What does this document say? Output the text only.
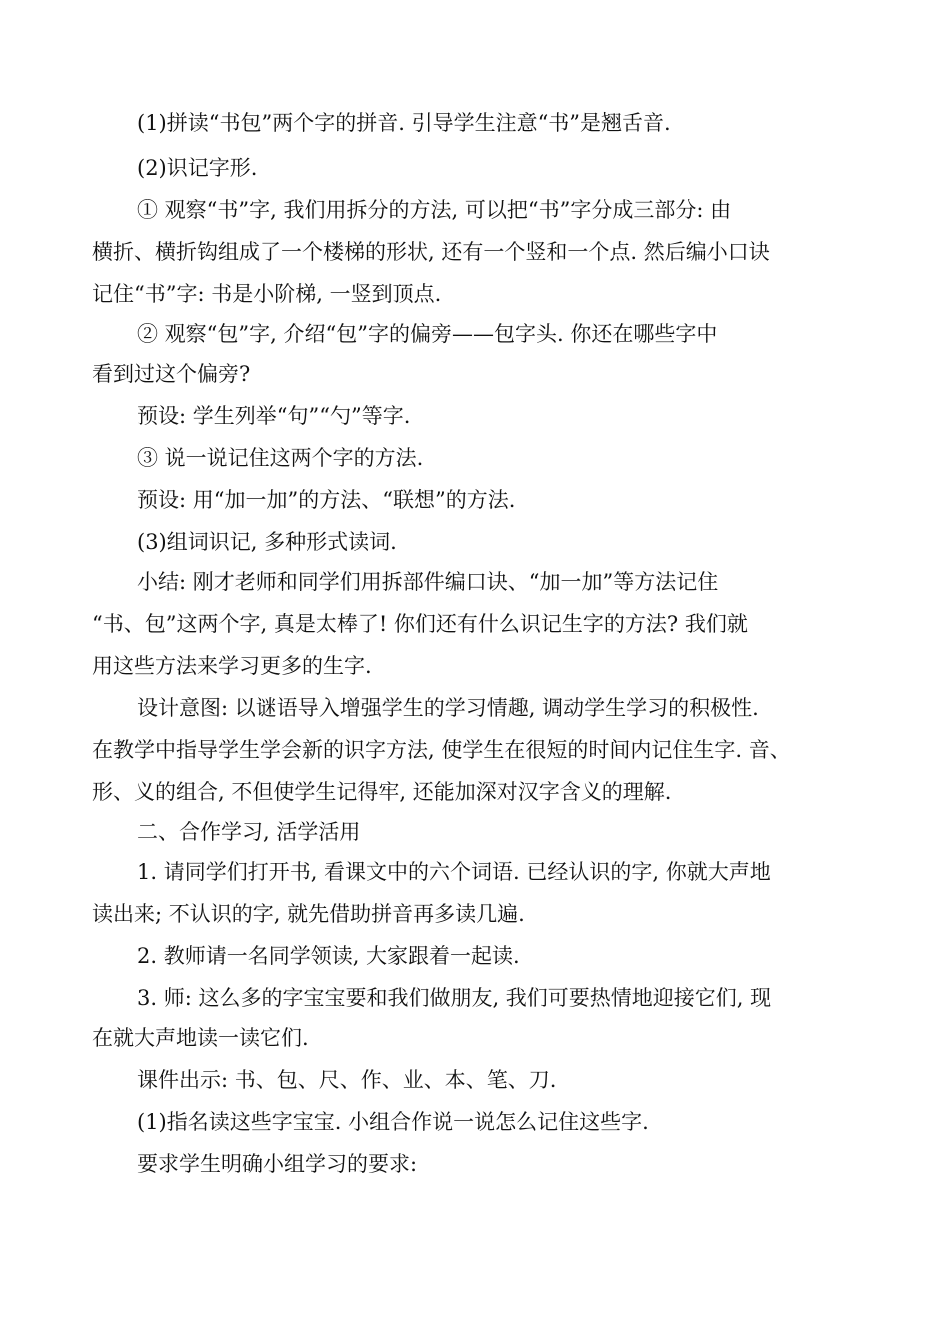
(1)拼读“书包”两个字的拼音. 引导学生注意“书”是翘舌音.
(2)识记字形.
① 观察“书”字, 我们用拆分的方法, 可以把“书”字分成三部分: 由
横折、横折钩组成了一个楼梯的形状, 还有一个竖和一个点. 然后编小口诀
记住“书”字: 书是小阶梯, 一竖到顶点.
② 观察“包”字, 介绍“包”字的偏旁——包字头. 你还在哪些字中
看到过这个偏旁?
预设: 学生列举“句”“勺”等字.
③ 说一说记住这两个字的方法.
预设: 用“加一加”的方法、“联想”的方法.
(3)组词识记, 多种形式读词.
小结: 刚才老师和同学们用拆部件编口诀、“加一加”等方法记住
“书、包”这两个字, 真是太棒了! 你们还有什么识记生字的方法? 我们就
用这些方法来学习更多的生字.
设计意图: 以谜语导入增强学生的学习情趣, 调动学生学习的积极性.
在教学中指导学生学会新的识字方法, 使学生在很短的时间内记住生字. 音、
形、义的组合, 不但使学生记得牢, 还能加深对汉字含义的理解.
二、合作学习, 活学活用
1. 请同学们打开书, 看课文中的六个词语. 已经认识的字, 你就大声地
读出来; 不认识的字, 就先借助拼音再多读几遍.
2. 教师请一名同学领读, 大家跟着一起读.
3. 师: 这么多的字宝宝要和我们做朋友, 我们可要热情地迎接它们, 现
在就大声地读一读它们.
课件出示: 书、包、尺、作、业、本、笔、刀.
(1)指名读这些字宝宝. 小组合作说一说怎么记住这些字.
要求学生明确小组学习的要求:
